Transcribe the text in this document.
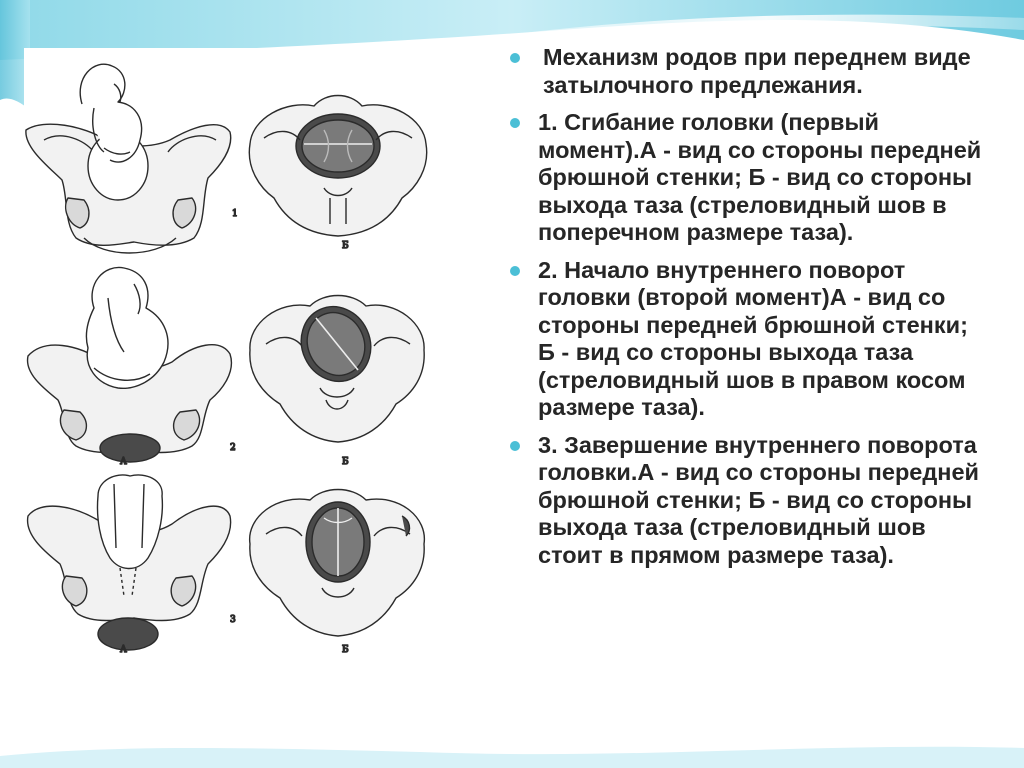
1
Б
А
2
Б
А
3
Б
Механизм родов при переднем виде затылочного предлежания.
1. Сгибание головки (первый момент).А - вид со стороны передней брюшной стенки; Б - вид со стороны выхода таза (стреловидный шов в поперечном размере таза).
2. Начало внутреннего поворот головки (второй момент)А - вид со стороны передней брюшной стенки; Б - вид со стороны выхода таза (стреловидный шов в правом косом размере таза).
3. Завершение внутреннего поворота головки.А - вид со стороны передней брюшной стенки; Б - вид со стороны выхода таза (стреловидный шов стоит в прямом размере таза).
